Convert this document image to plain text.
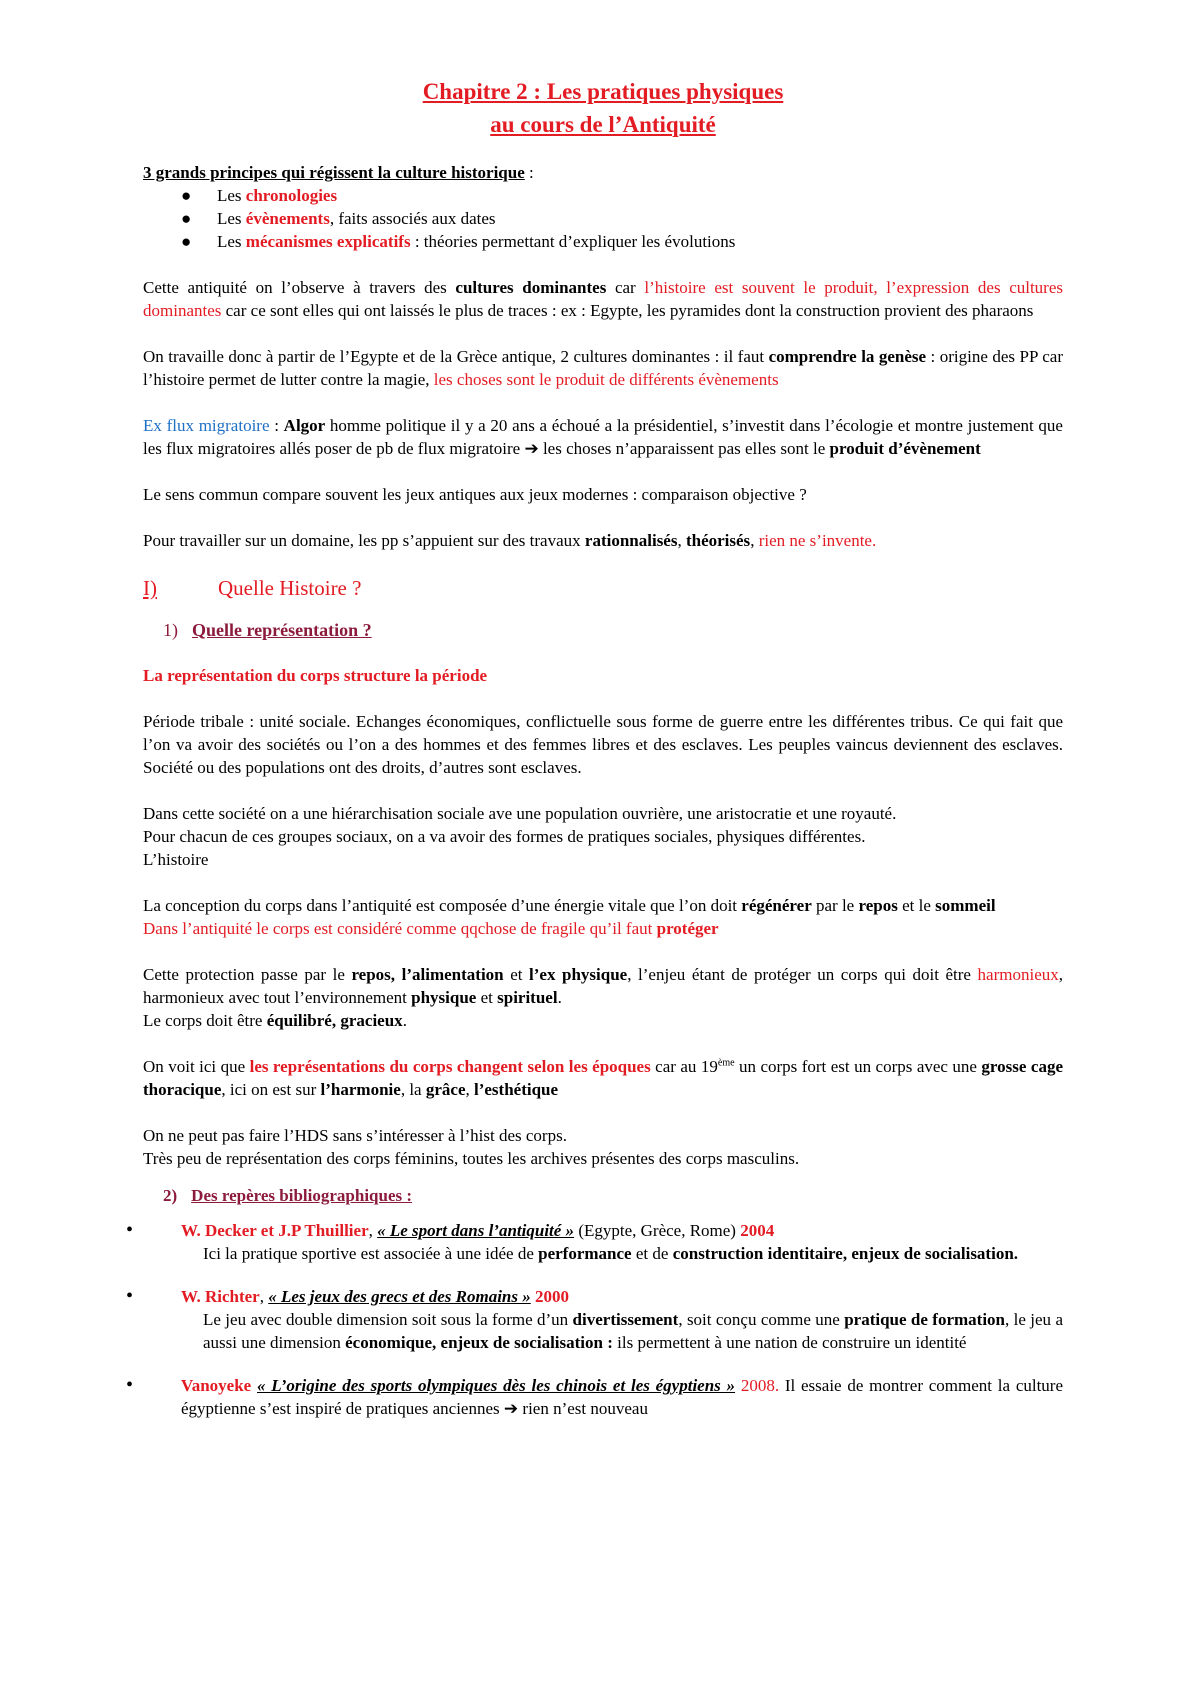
Chapitre 2 : Les pratiques physiques

au cours de l’Antiquité

3 grands principes qui régissent la culture historique :

● Les chronologies
● Les évènements, faits associés aux dates
● Les mécanismes explicatifs : théories permettant d’expliquer les évolutions

Cette antiquité on l’observe à travers des cultures dominantes car l’histoire est souvent le produit, l’expression des cultures dominantes car ce sont elles qui ont laissés le plus de traces : ex : Egypte, les pyramides dont la construction provient des pharaons

On travaille donc à partir de l’Egypte et de la Grèce antique, 2 cultures dominantes : il faut comprendre la genèse : origine des PP car l’histoire permet de lutter contre la magie, les choses sont le produit de différents évènements

Ex flux migratoire : Algor homme politique il y a 20 ans a échoué a la présidentiel, s’investit dans l’écologie et montre justement que les flux migratoires allés poser de pb de flux migratoire ➔ les choses n’apparaissent pas elles sont le produit d’évènement

Le sens commun compare souvent les jeux antiques aux jeux modernes : comparaison objective ?

Pour travailler sur un domaine, les pp s’appuient sur des travaux rationnalisés, théorisés, rien ne s’invente.

I)	Quelle Histoire ?
1) Quelle représentation ?

La représentation du corps structure la période

Période tribale : unité sociale. Echanges économiques, conflictuelle sous forme de guerre entre les différentes tribus. Ce qui fait que l’on va avoir des sociétés ou l’on a des hommes et des femmes libres et des esclaves. Les peuples vaincus deviennent des esclaves. Société ou des populations ont des droits, d’autres sont esclaves.

Dans cette société on a une hiérarchisation sociale ave une population ouvrière, une aristocratie et une royauté.
Pour chacun de ces groupes sociaux, on a va avoir des formes de pratiques sociales, physiques différentes.
L’histoire

La conception du corps dans l’antiquité est composée d’une énergie vitale que l’on doit régénérer par le repos et le sommeil
Dans l’antiquité le corps est considéré comme qqchose de fragile qu’il faut protéger

Cette protection passe par le repos, l’alimentation et l’ex physique, l’enjeu étant de protéger un corps qui doit être harmonieux, harmonieux avec tout l’environnement physique et spirituel.
Le corps doit être équilibré, gracieux.

On voit ici que les représentations du corps changent selon les époques car au 19ème un corps fort est un corps avec une grosse cage thoracique, ici on est sur l’harmonie, la grâce, l’esthétique

On ne peut pas faire l’HDS sans s’intéresser à l’hist des corps.
Très peu de représentation des corps féminins, toutes les archives présentes des corps masculins.

2) Des repères bibliographiques :
•	W. Decker et J.P Thuillier, « Le sport dans l’antiquité » (Egypte, Grèce, Rome) 2004

Ici la pratique sportive est associée à une idée de performance et de construction identitaire, enjeux de socialisation.

•	W. Richter, « Les jeux des grecs et des Romains » 2000

Le jeu avec double dimension soit sous la forme d’un divertissement, soit conçu comme une pratique de formation, le jeu a aussi une dimension économique, enjeux de socialisation : ils permettent à une nation de construire un identité

•	Vanoyeke « L’origine des sports olympiques dès les chinois et les égyptiens » 2008. Il essaie de montrer comment la culture égyptienne s’est inspiré de pratiques anciennes ➔ rien n’est nouveau
